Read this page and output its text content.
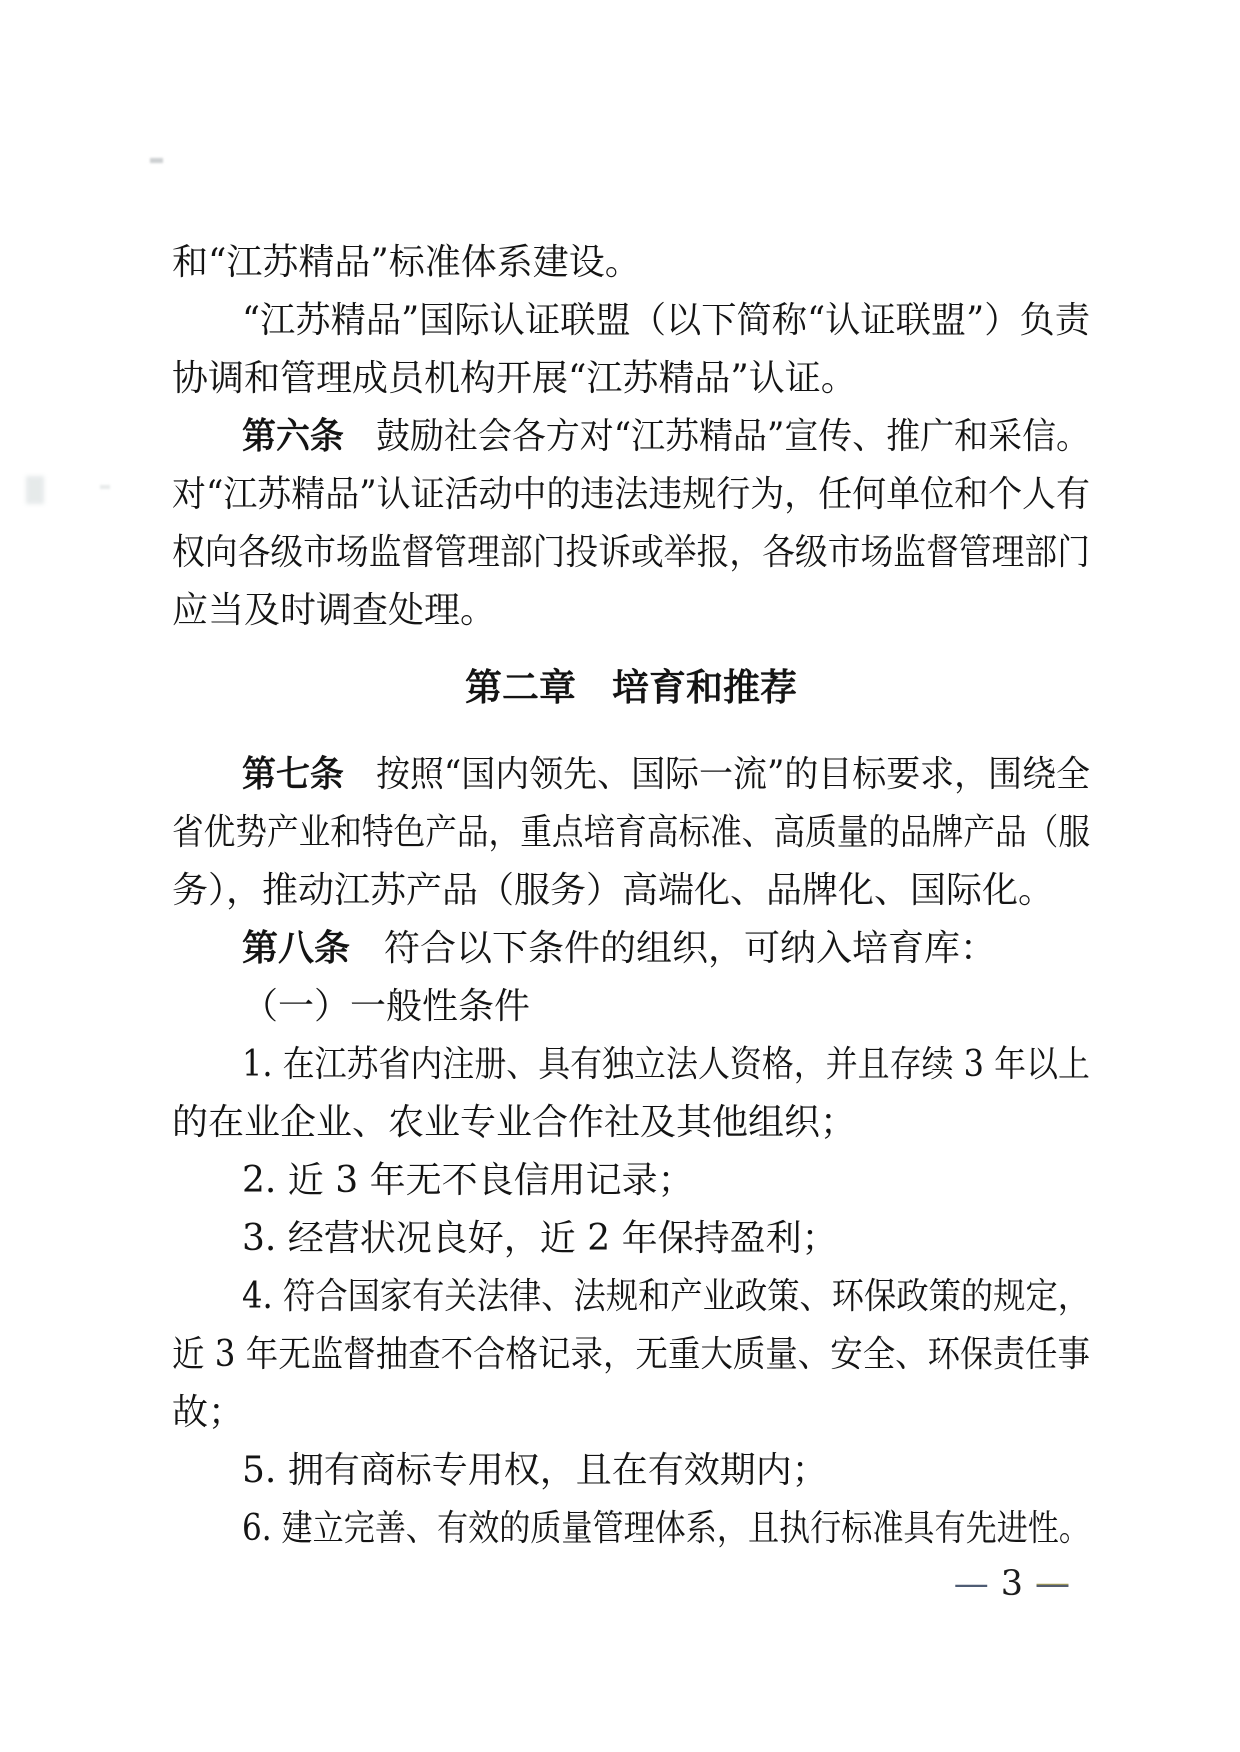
和“江苏精品”标准体系建设。
“江苏精品”国际认证联盟（以下简称“认证联盟”）负责
协调和管理成员机构开展“江苏精品”认证。
第六条 鼓励社会各方对“江苏精品”宣传、推广和采信。
对“江苏精品”认证活动中的违法违规行为，任何单位和个人有
权向各级市场监督管理部门投诉或举报，各级市场监督管理部门
应当及时调查处理。
第二章 培育和推荐
第七条 按照“国内领先、国际一流”的目标要求，围绕全
省优势产业和特色产品，重点培育高标准、高质量的品牌产品（服
务），推动江苏产品（服务）高端化、品牌化、国际化。
第八条 符合以下条件的组织，可纳入培育库：
（一）一般性条件
1. 在江苏省内注册、具有独立法人资格，并且存续 3 年以上
的在业企业、农业专业合作社及其他组织；
2. 近 3 年无不良信用记录；
3. 经营状况良好，近 2 年保持盈利；
4. 符合国家有关法律、法规和产业政策、环保政策的规定，
近 3 年无监督抽查不合格记录，无重大质量、安全、环保责任事
故；
5. 拥有商标专用权，且在有效期内；
6. 建立完善、有效的质量管理体系，且执行标准具有先进性。
— 3 —
